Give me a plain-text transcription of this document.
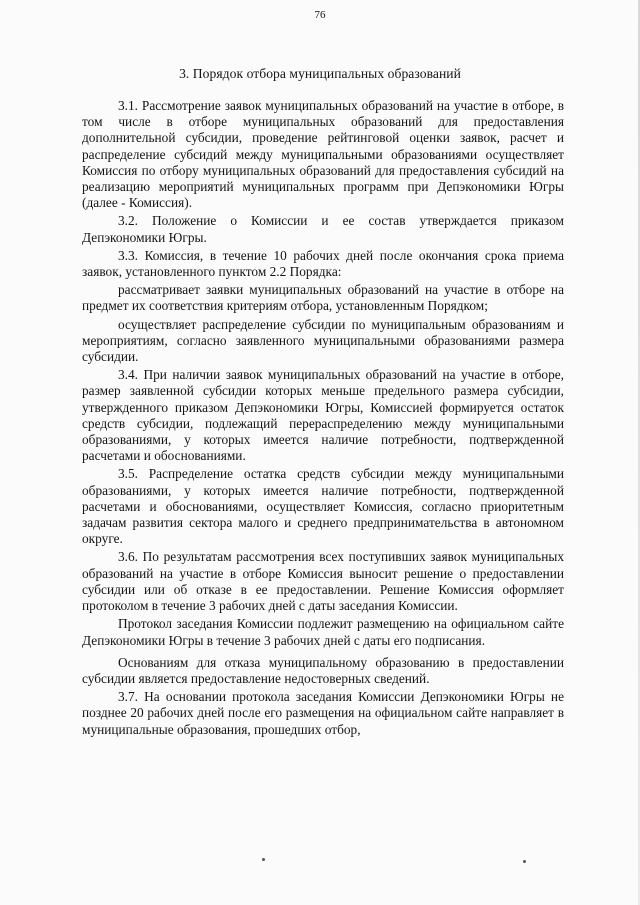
76
3. Порядок отбора муниципальных образований

3.1. Рассмотрение заявок муниципальных образований на участие в отборе, в том числе в отборе муниципальных образований для предоставления дополнительной субсидии, проведение рейтинговой оценки заявок, расчет и распределение субсидий между муниципальными образованиями осуществляет Комиссия по отбору муниципальных образований для предоставления субсидий на реализацию мероприятий муниципальных программ при Депэкономики Югры (далее - Комиссия).

3.2. Положение о Комиссии и ее состав утверждается приказом Депэкономики Югры.

3.3. Комиссия, в течение 10 рабочих дней после окончания срока приема заявок, установленного пунктом 2.2 Порядка:

рассматривает заявки муниципальных образований на участие в отборе на предмет их соответствия критериям отбора, установленным Порядком;

осуществляет распределение субсидии по муниципальным образованиям и мероприятиям, согласно заявленного муниципальными образованиями размера субсидии.

3.4. При наличии заявок муниципальных образований на участие в отборе, размер заявленной субсидии которых меньше предельного размера субсидии, утвержденного приказом Депэкономики Югры, Комиссией формируется остаток средств субсидии, подлежащий перераспределению между муниципальными образованиями, у которых имеется наличие потребности, подтвержденной расчетами и обоснованиями.

3.5. Распределение остатка средств субсидии между муниципальными образованиями, у которых имеется наличие потребности, подтвержденной расчетами и обоснованиями, осуществляет Комиссия, согласно приоритетным задачам развития сектора малого и среднего предпринимательства в автономном округе.

3.6. По результатам рассмотрения всех поступивших заявок муниципальных образований на участие в отборе Комиссия выносит решение о предоставлении субсидии или об отказе в ее предоставлении. Решение Комиссия оформляет протоколом в течение 3 рабочих дней с даты заседания Комиссии.

Протокол заседания Комиссии подлежит размещению на официальном сайте Депэкономики Югры в течение 3 рабочих дней с даты его подписания.

Основаниям для отказа муниципальному образованию в предоставлении субсидии является предоставление недостоверных сведений.

3.7. На основании протокола заседания Комиссии Депэкономики Югры не позднее 20 рабочих дней после его размещения на официальном сайте направляет в муниципальные образования, прошедших отбор,
